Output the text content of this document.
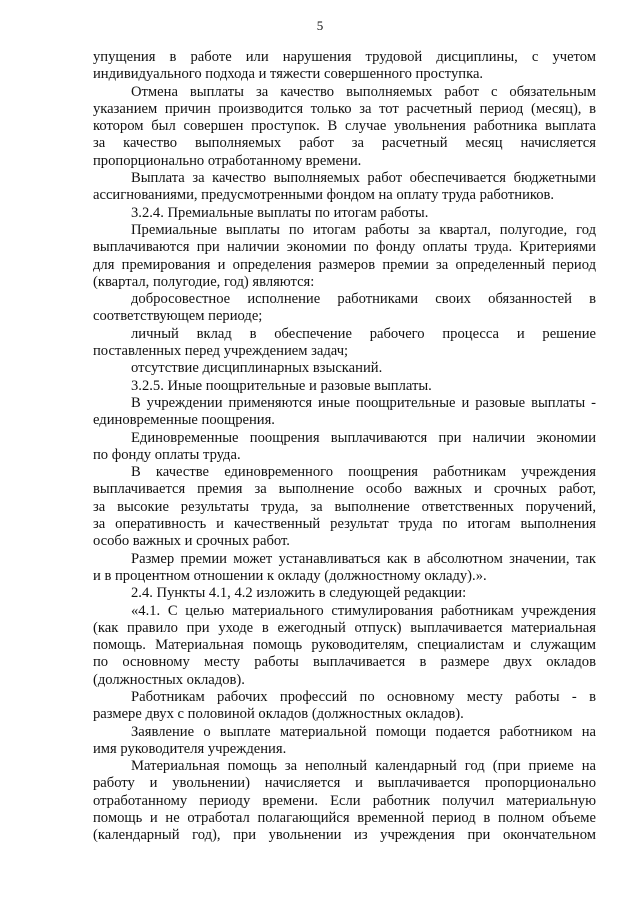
5

упущения в работе или нарушения трудовой дисциплины, с учетом

индивидуального подхода и тяжести совершенного проступка.

Отмена выплаты за качество выполняемых работ с обязательным

указанием причин производится только за тот расчетный период (месяц), в

котором был совершен проступок. В случае увольнения работника выплата

за качество выполняемых работ за расчетный месяц начисляется

пропорционально отработанному времени.

Выплата за качество выполняемых работ обеспечивается бюджетными

ассигнованиями, предусмотренными фондом на оплату труда работников.

3.2.4. Премиальные выплаты по итогам работы.

Премиальные выплаты по итогам работы за квартал, полугодие, год

выплачиваются при наличии экономии по фонду оплаты труда. Критериями

для премирования и определения размеров премии за определенный период

(квартал, полугодие, год) являются:

добросовестное исполнение работниками своих обязанностей в

соответствующем периоде;

личный вклад в обеспечение рабочего процесса и решение

поставленных перед учреждением задач;

отсутствие дисциплинарных взысканий.

3.2.5. Иные поощрительные и разовые выплаты.

В учреждении применяются иные поощрительные и разовые выплаты -

единовременные поощрения.

Единовременные поощрения выплачиваются при наличии экономии

по фонду оплаты труда.

В качестве единовременного поощрения работникам учреждения

выплачивается премия за выполнение особо важных и срочных работ,

за высокие результаты труда, за выполнение ответственных поручений,

за оперативность и качественный результат труда по итогам выполнения

особо важных и срочных работ.

Размер премии может устанавливаться как в абсолютном значении, так

и в процентном отношении к окладу (должностному окладу).».

2.4. Пункты 4.1, 4.2 изложить в следующей редакции:

«4.1. С целью материального стимулирования работникам учреждения

(как правило при уходе в ежегодный отпуск) выплачивается материальная

помощь. Материальная помощь руководителям, специалистам и служащим

по основному месту работы выплачивается в размере двух окладов

(должностных окладов).

Работникам рабочих профессий по основному месту работы - в

размере двух с половиной окладов (должностных окладов).

Заявление о выплате материальной помощи подается работником на

имя руководителя учреждения.

Материальная помощь за неполный календарный год (при приеме на

работу и увольнении) начисляется и выплачивается пропорционально

отработанному периоду времени. Если работник получил материальную

помощь и не отработал полагающийся временной период в полном объеме

(календарный год), при увольнении из учреждения при окончательном
